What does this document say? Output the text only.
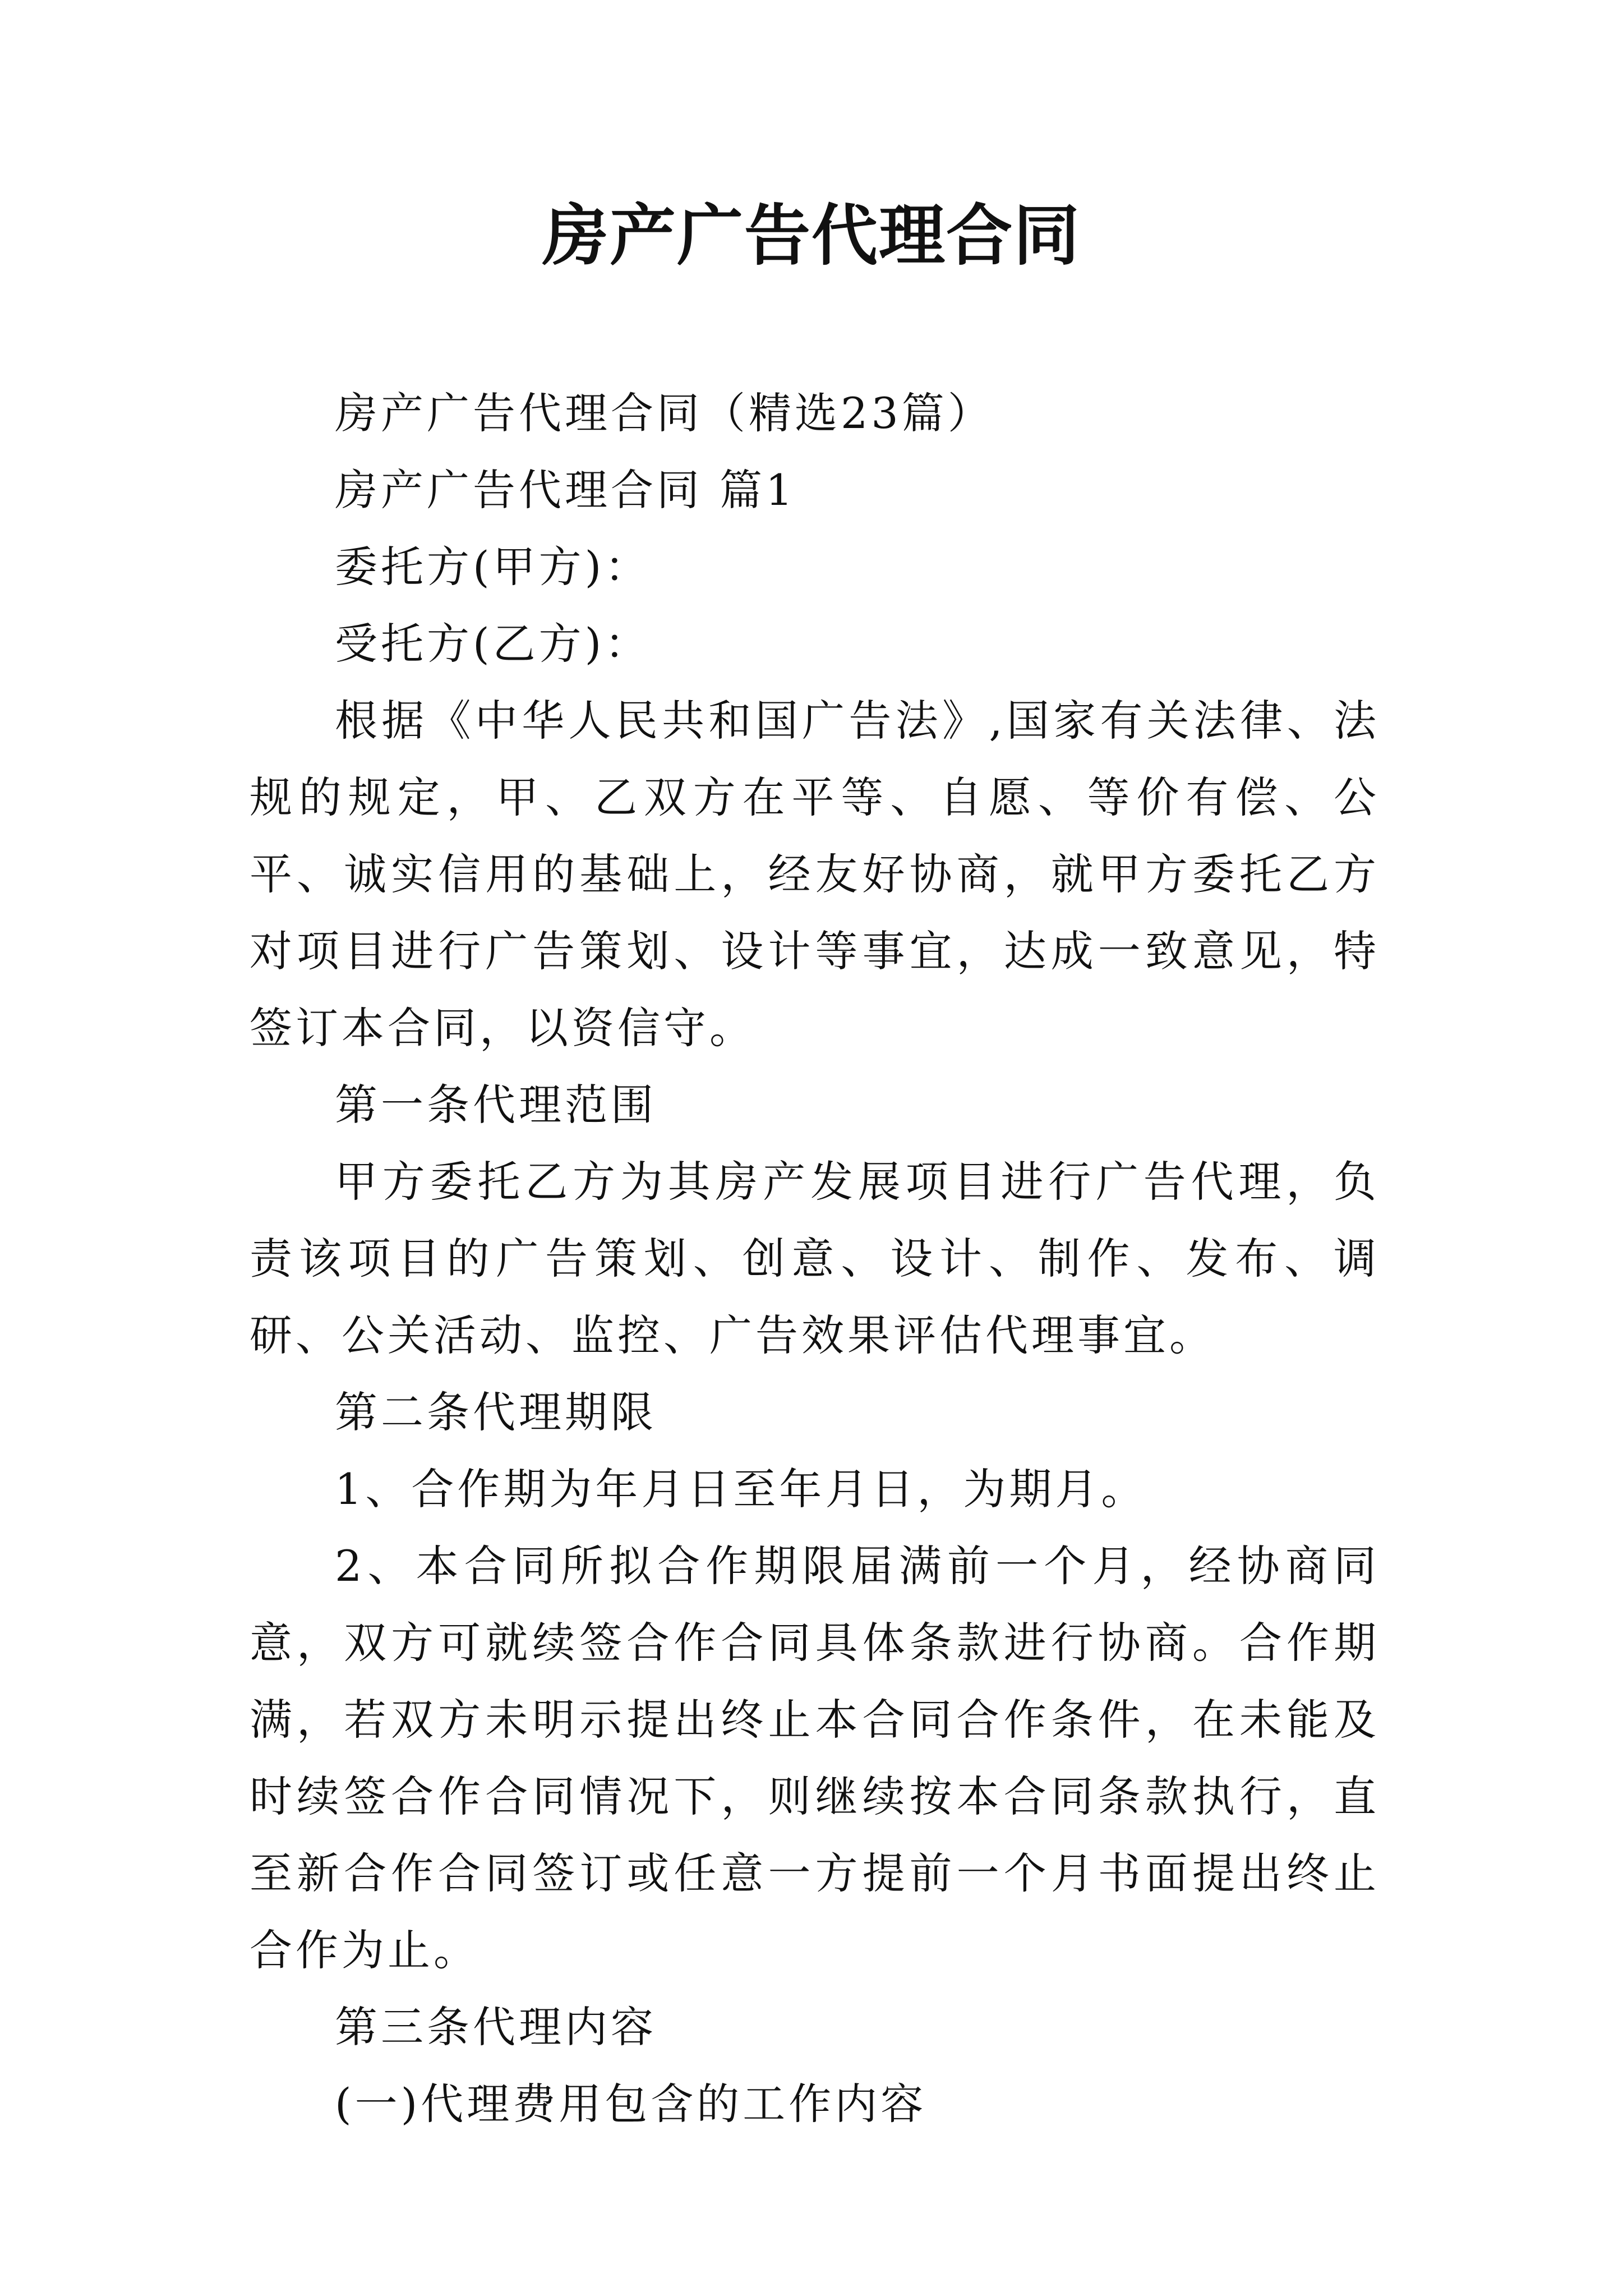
房产广告代理合同

房产广告代理合同（精选23篇）

房产广告代理合同 篇1

委托方(甲方)：

受托方(乙方)：

根据《中华人民共和国广告法》,国家有关法律、法规的规定，甲、乙双方在平等、自愿、等价有偿、公平、诚实信用的基础上，经友好协商，就甲方委托乙方对项目进行广告策划、设计等事宜，达成一致意见，特签订本合同，以资信守。

第一条代理范围

甲方委托乙方为其房产发展项目进行广告代理，负责该项目的广告策划、创意、设计、制作、发布、调研、公关活动、监控、广告效果评估代理事宜。

第二条代理期限

1、合作期为年月日至年月日，为期月。

2、本合同所拟合作期限届满前一个月，经协商同意，双方可就续签合作合同具体条款进行协商。合作期满，若双方未明示提出终止本合同合作条件，在未能及时续签合作合同情况下，则继续按本合同条款执行，直至新合作合同签订或任意一方提前一个月书面提出终止合作为止。

第三条代理内容

(一)代理费用包含的工作内容
